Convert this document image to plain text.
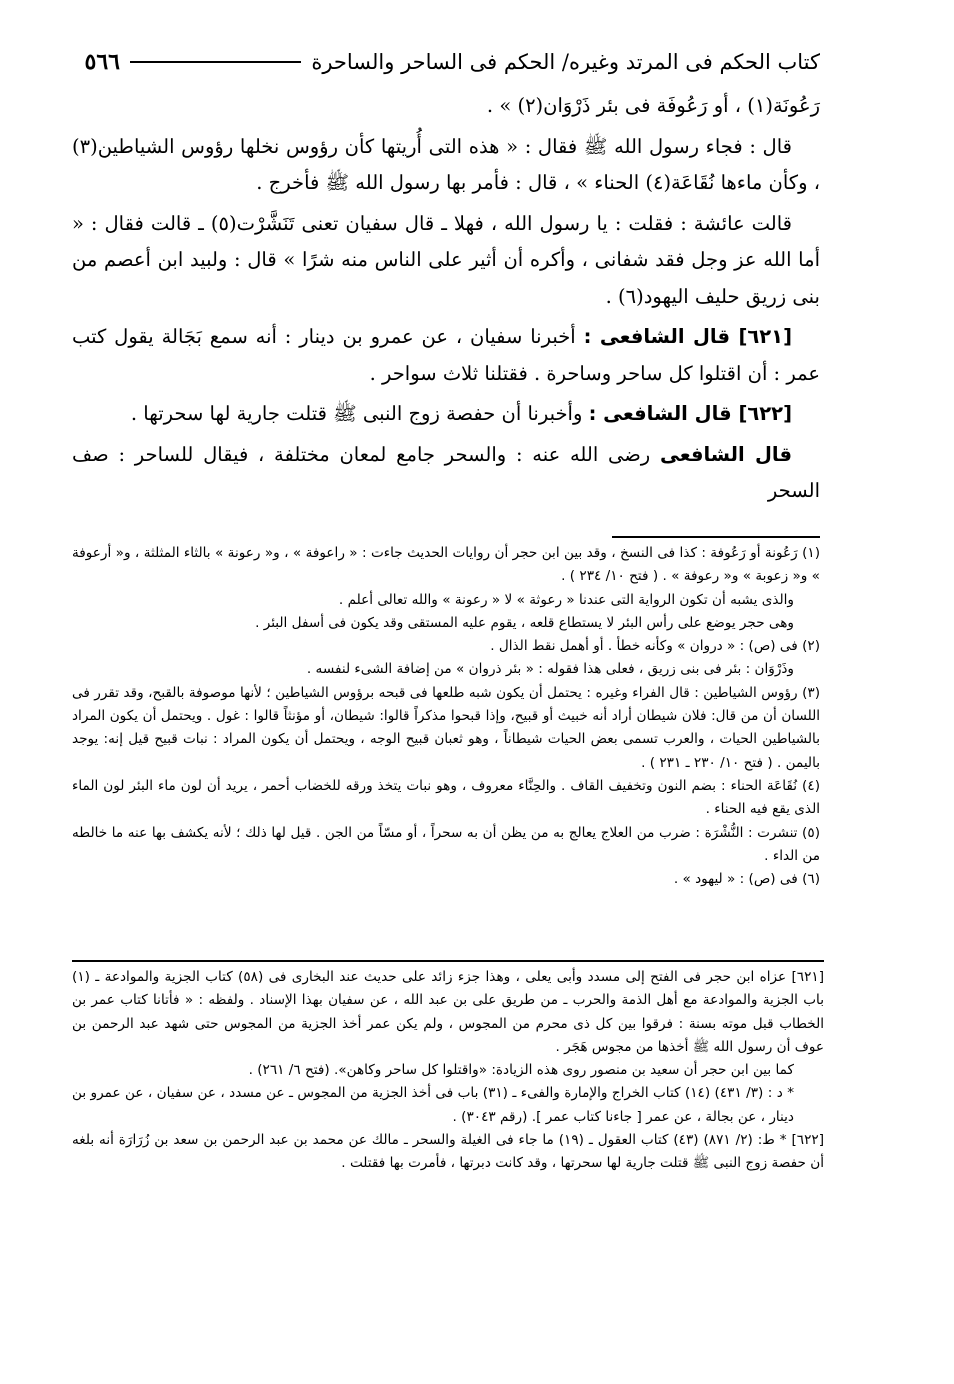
كتاب الحكم فى المرتد وغيره/ الحكم فى الساحر والساحرة
٥٦٦

رَعُونَة(١) ، أو رَعُوفَة فى بئر ذَرْوَان(٢) » .

قال : فجاء رسول الله ﷺ فقال : « هذه التى أُريتها كأن رؤوس نخلها رؤوس الشياطين(٣) ، وكأن ماءها نُقَاعَة(٤) الحناء » ، قال : فأمر بها رسول الله ﷺ فأخرج .

قالت عائشة : فقلت : يا رسول الله ، فهلا ـ قال سفيان تعنى تَنَشَّرْت(٥) ـ قالت فقال : « أما الله عز وجل فقد شفانى ، وأكره أن أثير على الناس منه شرًا » قال : ولبيد ابن أعصم من بنى زريق حليف اليهود(٦) .

[٦٢١] قال الشافعى : أخبرنا سفيان ، عن عمرو بن دينار : أنه سمع بَجَالة يقول كتب عمر : أن اقتلوا كل ساحر وساحرة . فقتلنا ثلاث سواحر .

[٦٢٢] قال الشافعى : وأخبرنا أن حفصة زوج النبى ﷺ قتلت جارية لها سحرتها .

قال الشافعى رضى الله عنه : والسحر جامع لمعان مختلفة ، فيقال للساحر : صف السحر

(١) رَعُونة أو رَعُوفة : كذا فى النسخ ، وقد بين ابن حجر أن روايات الحديث جاءت : « راعوفة » ، و« رعونة » بالثاء المثلثة ، و« أرعوفة » و« زعوبة » و« رعوفة » . ( فتح ١٠/ ٢٣٤ ) .

والذى يشبه أن تكون الرواية التى عندنا « رعوثة » لا « رعونة » والله تعالى أعلم .

وهى حجر يوضع على رأس البئر لا يستطاع قلعه ، يقوم عليه المستقى وقد يكون فى أسفل البئر .

(٢) فى (ص) : « دروان » وكأنه خطأ . أو أهمل نقط الذال .

وذَرْوَان : بئر فى بنى زريق ، فعلى هذا فقوله : « بئر ذروان » من إضافة الشىء لنفسه .

(٣) رؤوس الشياطين : قال الفراء وغيره : يحتمل أن يكون شبه طلعها فى قبحه برؤوس الشياطين ؛ لأنها موصوفة بالقبح، وقد تقرر فى اللسان أن من قال: فلان شيطان أراد أنه خبيث أو قبيح، وإذا قبحوا مذكراً قالوا: شيطان، أو مؤنثاً قالوا : غول . ويحتمل أن يكون المراد بالشياطين الحيات ، والعرب تسمى بعض الحيات شيطاناً ، وهو ثعبان قبيح الوجه ، ويحتمل أن يكون المراد : نبات قبيح قيل إنه: يوجد باليمن . ( فتح ١٠/ ٢٣٠ ـ ٢٣١ ) .

(٤) نُقَاعَة الحناء : بضم النون وتخفيف القاف . والحِنَّاء معروف ، وهو نبات يتخذ ورقه للخضاب أحمر ، يريد أن لون ماء البئر لون الماء الذى يقع فيه الحناء .

(٥) تنشرت : النُّشْرَة : ضرب من العلاج يعالج به من يظن أن به سحراً ، أو مسّاً من الجن . قيل لها ذلك ؛ لأنه يكشف بها عنه ما خالطه من الداء .

(٦) فى (ص) : « ليهود » .

[٦٢١] عزاه ابن حجر فى الفتح إلى مسدد وأبى يعلى ، وهذا جزء زائد على حديث عند البخارى فى (٥٨) كتاب الجزية والموادعة ـ (١) باب الجزية والموادعة مع أهل الذمة والحرب ـ من طريق على بن عبد الله ، عن سفيان بهذا الإسناد . ولفظه : « فأتانا كتاب عمر بن الخطاب قبل موته بسنة : فرقوا بين كل ذى محرم من المجوس ، ولم يكن عمر أخذ الجزية من المجوس حتى شهد عبد الرحمن بن عوف أن رسول الله ﷺ أخذها من مجوس هَجَر .

كما بين ابن حجر أن سعيد بن منصور روى هذه الزيادة: «واقتلوا كل ساحر وكاهن». (فتح ٦/ ٢٦١) .

* د : (٣/ ٤٣١) (١٤) كتاب الخراج والإمارة والفىء ـ (٣١) باب فى أخذ الجزية من المجوس ـ عن مسدد ، عن سفيان ، عن عمرو بن دينار ، عن بجالة ، عن عمر [ جاءنا كتاب عمر ]. (رقم ٣٠٤٣) .

[٦٢٢] * ط: (٢/ ٨٧١) (٤٣) كتاب العقول ـ (١٩) ما جاء فى الغيلة والسحر ـ مالك عن محمد بن عبد الرحمن بن سعد بن زُرَارَة أنه بلغه أن حفصة زوج النبى ﷺ قتلت جارية لها سحرتها ، وقد كانت دبرتها ، فأمرت بها فقتلت .
